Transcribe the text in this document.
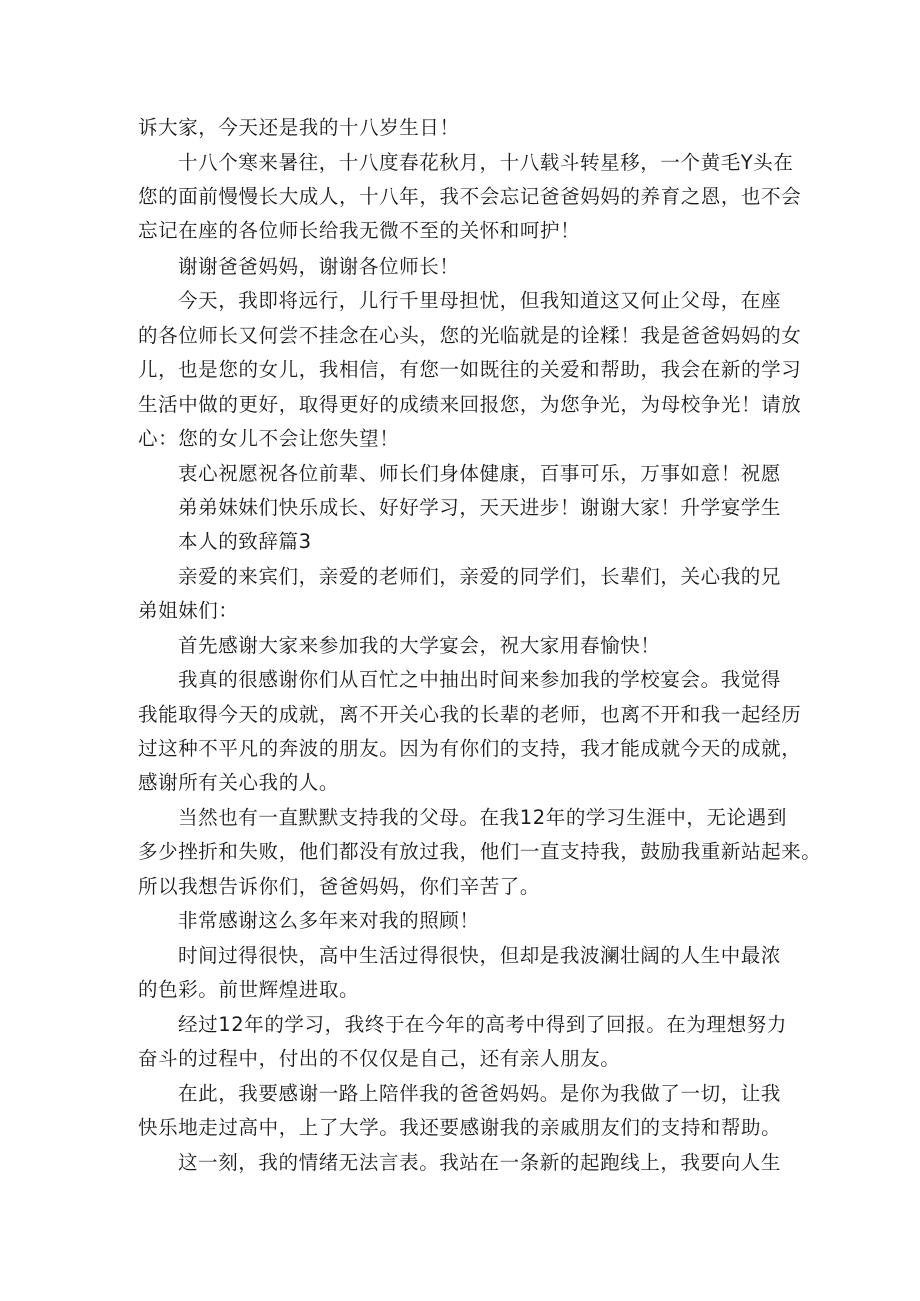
诉大家，今天还是我的十八岁生日！
十八个寒来暑往，十八度春花秋月，十八载斗转星移，一个黄毛Y头在
您的面前慢慢长大成人，十八年，我不会忘记爸爸妈妈的养育之恩，也不会
忘记在座的各位师长给我无微不至的关怀和呵护！
谢谢爸爸妈妈，谢谢各位师长！
今天，我即将远行，儿行千里母担忧，但我知道这又何止父母，在座
的各位师长又何尝不挂念在心头，您的光临就是的诠糅！我是爸爸妈妈的女
儿，也是您的女儿，我相信，有您一如既往的关爱和帮助，我会在新的学习
生活中做的更好，取得更好的成绩来回报您，为您争光，为母校争光！请放
心：您的女儿不会让您失望！
衷心祝愿祝各位前辈、师长们身体健康，百事可乐，万事如意！祝愿
弟弟妹妹们快乐成长、好好学习，天天进步！谢谢大家！升学宴学生
本人的致辞篇3
亲爱的来宾们，亲爱的老师们，亲爱的同学们，长辈们，关心我的兄
弟姐妹们：
首先感谢大家来参加我的大学宴会，祝大家用春愉快！
我真的很感谢你们从百忙之中抽出时间来参加我的学校宴会。我觉得
我能取得今天的成就，离不开关心我的长辈的老师，也离不开和我一起经历
过这种不平凡的奔波的朋友。因为有你们的支持，我才能成就今天的成就，
感谢所有关心我的人。
当然也有一直默默支持我的父母。在我12年的学习生涯中，无论遇到
多少挫折和失败，他们都没有放过我，他们一直支持我，鼓励我重新站起来。
所以我想告诉你们，爸爸妈妈，你们辛苦了。
非常感谢这么多年来对我的照顾！
时间过得很快，高中生活过得很快，但却是我波澜壮阔的人生中最浓
的色彩。前世辉煌进取。
经过12年的学习，我终于在今年的高考中得到了回报。在为理想努力
奋斗的过程中，付出的不仅仅是自己，还有亲人朋友。
在此，我要感谢一路上陪伴我的爸爸妈妈。是你为我做了一切，让我
快乐地走过高中，上了大学。我还要感谢我的亲戚朋友们的支持和帮助。
这一刻，我的情绪无法言表。我站在一条新的起跑线上，我要向人生
